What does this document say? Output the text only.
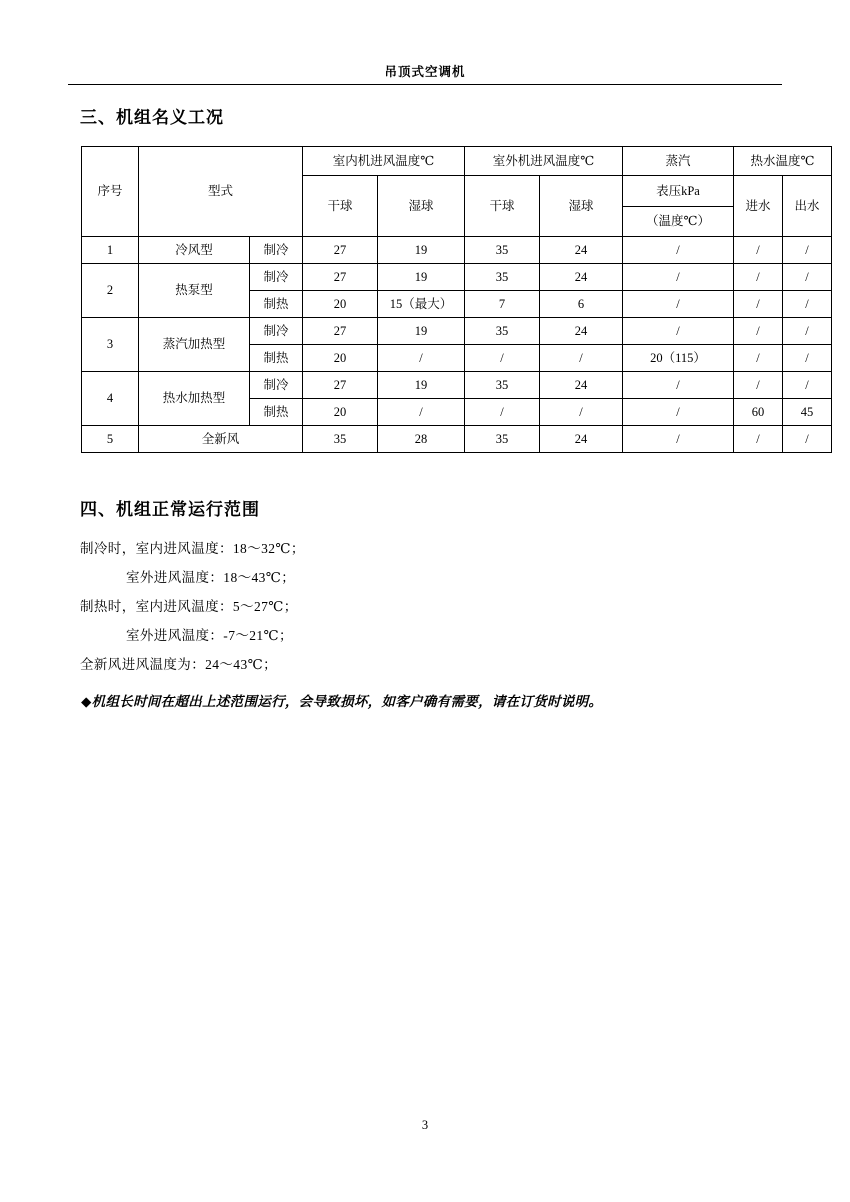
吊顶式空调机
三、机组名义工况
序号	型式		室内机进风温度℃		室外机进风温度℃		蒸汽	热水温度℃	
			干球	湿球	干球	湿球	表压kPa	进水	出水
							（温度℃）		
1	冷风型	制冷	27	19	35	24	/	/	/
2	热泵型	制冷	27	19	35	24	/	/	/
		制热	20	15（最大）	7	6	/	/	/
3	蒸汽加热型	制冷	27	19	35	24	/	/	/
		制热	20	/	/	/	20（115）	/	/
4	热水加热型	制冷	27	19	35	24	/	/	/
		制热	20	/	/	/	/	60	45
5	全新风		35	28	35	24	/	/	/
四、机组正常运行范围
制冷时，室内进风温度：18～32℃；
室外进风温度：18～43℃；
制热时，室内进风温度：5～27℃；
室外进风温度：-7～21℃；
全新风进风温度为：24～43℃；
◆机组长时间在超出上述范围运行，会导致损坏，如客户确有需要，请在订货时说明。
3
